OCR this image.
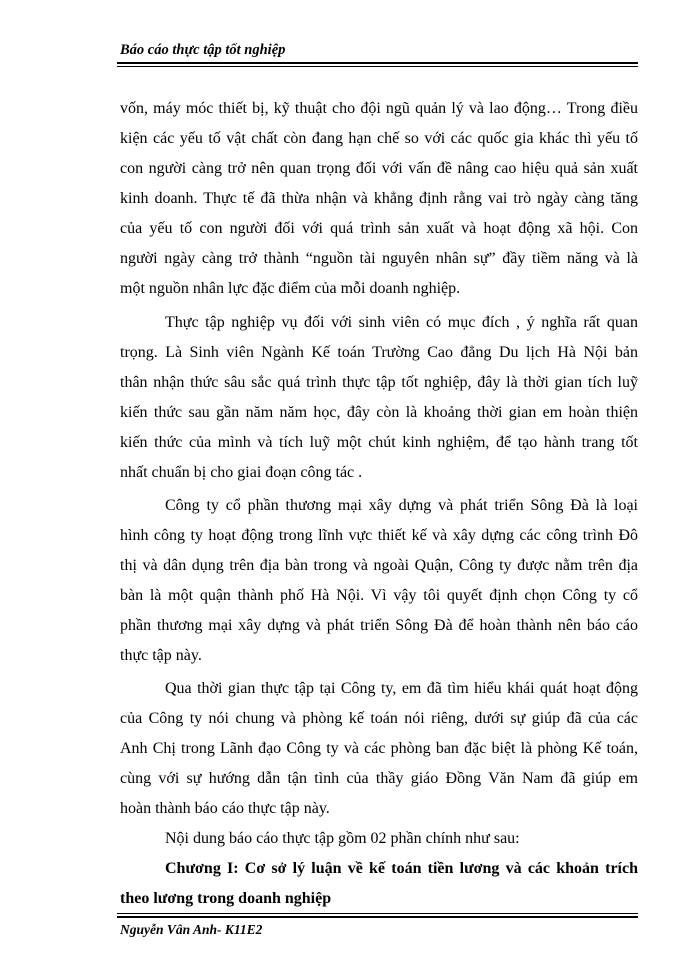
Báo cáo thực tập tốt nghiệp
vốn, máy móc thiết bị, kỹ thuật cho đội ngũ quản lý và lao động… Trong điều
kiện các yếu tố vật chất còn đang hạn chế so với các quốc gia khác thì yếu tố
con người càng trở nên quan trọng đối với vấn đề nâng cao hiệu quả sản xuất
kinh doanh. Thực tế đã thừa nhận và khẳng định rằng vai trò ngày càng tăng
của yếu tố con người đối với quá trình sản xuất và hoạt động xã hội. Con
người ngày càng trở thành “nguồn tài nguyên nhân sự” đầy tiềm năng và là
một nguồn nhân lực đặc điểm của mỗi doanh nghiệp.
Thực tập nghiệp vụ đối với sinh viên có mục đích , ý nghĩa rất quan
trọng. Là Sinh viên Ngành Kế toán Trường Cao đẳng Du lịch Hà Nội bản
thân nhận thức sâu sắc quá trình thực tập tốt nghiệp, đây là thời gian tích luỹ
kiến thức sau gần năm năm học, đây còn là khoảng thời gian em hoàn thiện
kiến thức của mình và tích luỹ một chút kinh nghiệm, để tạo hành trang tốt
nhất chuẩn bị cho giai đoạn công tác .
Công ty cổ phần thương mại xây dựng và phát triển Sông Đà là loại
hình công ty hoạt động trong lĩnh vực thiết kế và xây dựng các công trình Đô
thị và dân dụng trên địa bàn trong và ngoài Quận, Công ty được nằm trên địa
bàn là một quận thành phố Hà Nội. Vì vậy tôi quyết định chọn Công ty cổ
phần thương mại xây dựng và phát triển Sông Đà để hoàn thành nên báo cáo
thực tập này.
Qua thời gian thực tập tại Công ty, em đã tìm hiểu khái quát hoạt động
của Công ty nói chung và phòng kế toán nói riêng, dưới sự giúp đã của các
Anh Chị trong Lãnh đạo Công ty và các phòng ban đặc biệt là phòng Kế toán,
cùng với sự hướng dẫn tận tình của thầy giáo Đồng Văn Nam đã giúp em
hoàn thành báo cáo thực tập này.
Nội dung báo cáo thực tập gồm 02 phần chính như sau:
Chương I: Cơ sở lý luận về kế toán tiền lương và các khoản trích
theo lương trong doanh nghiệp
Nguyễn Vân Anh- K11E2
